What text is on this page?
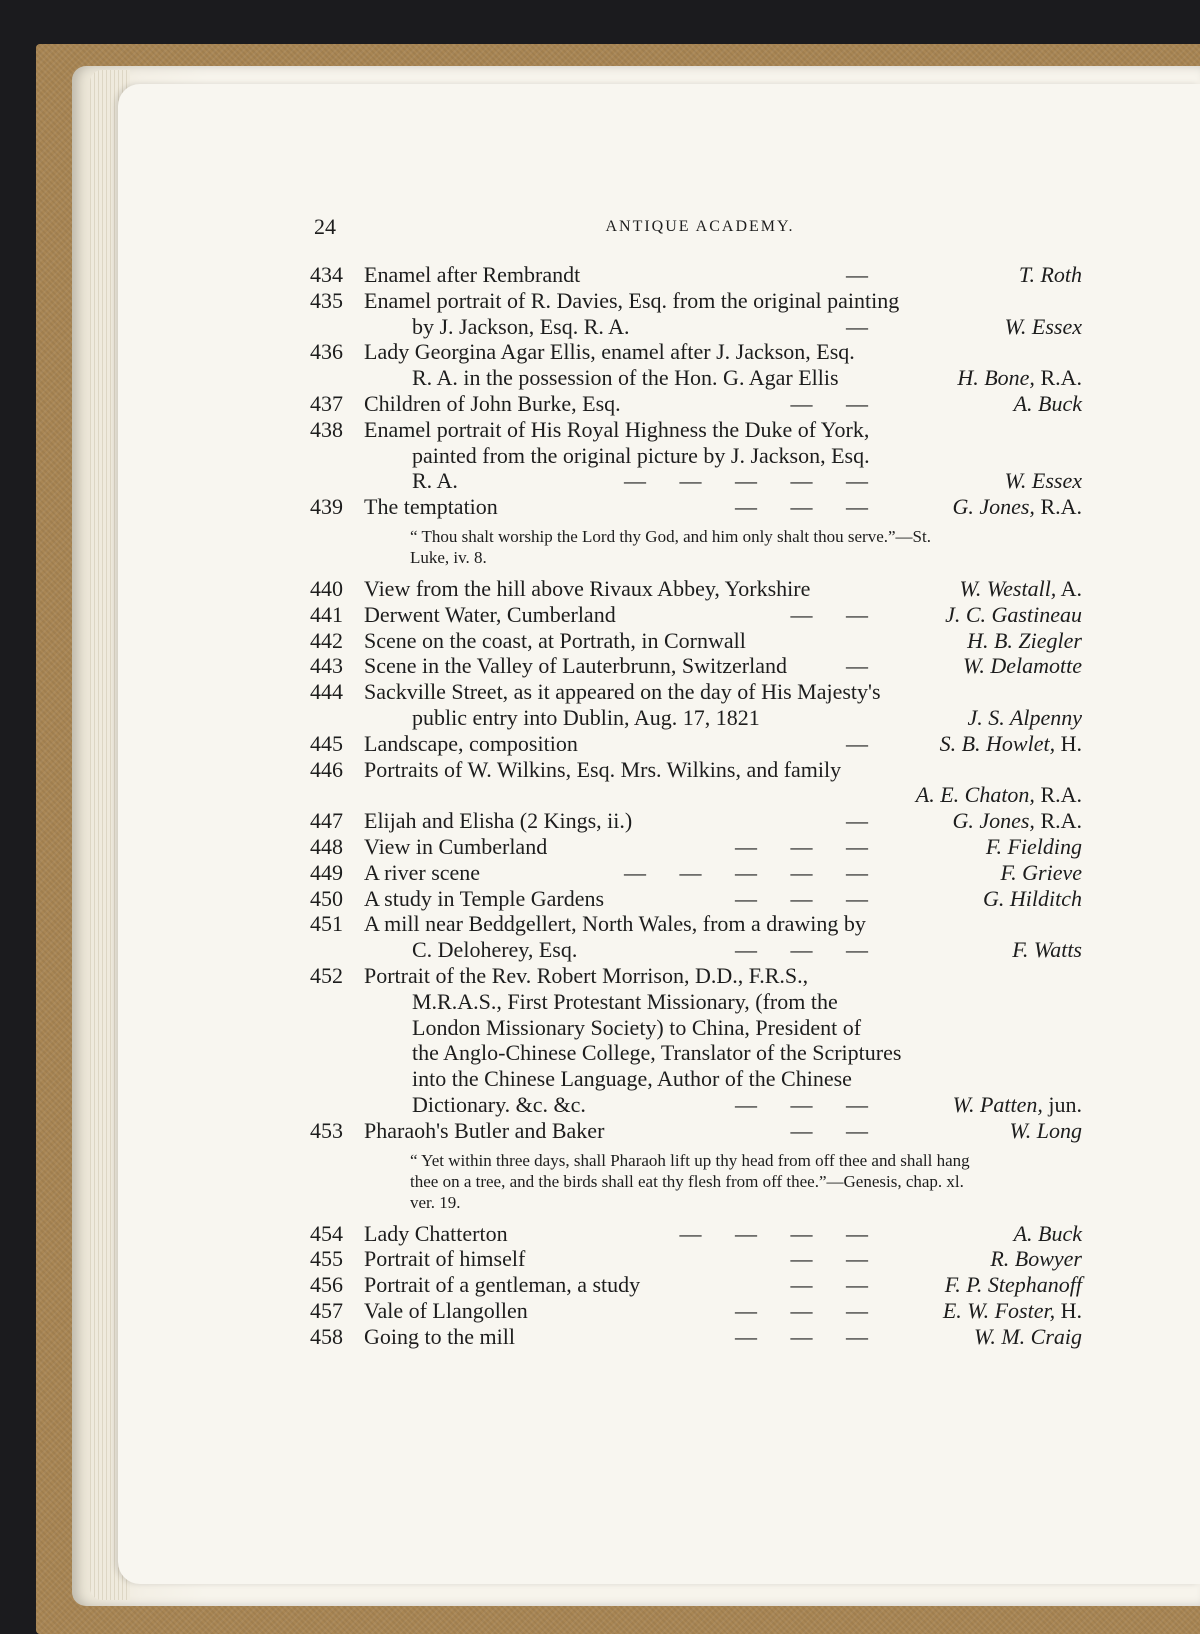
24	ANTIQUE ACADEMY.
434 Enamel after Rembrandt	—	T. Roth
435 Enamel portrait of R. Davies, Esq. from the original painting
by J. Jackson, Esq. R. A.	—	W. Essex
436 Lady Georgina Agar Ellis, enamel after J. Jackson, Esq.
R. A. in the possession of the Hon. G. Agar Ellis	H. Bone, R.A.
437 Children of John Burke, Esq.	— —	A. Buck
438 Enamel portrait of His Royal Highness the Duke of York,
painted from the original picture by J. Jackson, Esq.
R. A.	— — — — —	W. Essex
439 The temptation	— — —	G. Jones, R.A.
“ Thou shalt worship the Lord thy God, and him only shalt thou serve.”—St. Luke, iv. 8.
440 View from the hill above Rivaux Abbey, Yorkshire	W. Westall, A.
441 Derwent Water, Cumberland	— —	J. C. Gastineau
442 Scene on the coast, at Portrath, in Cornwall	H. B. Ziegler
443 Scene in the Valley of Lauterbrunn, Switzerland	—	W. Delamotte
444 Sackville Street, as it appeared on the day of His Majesty's
public entry into Dublin, Aug. 17, 1821	J. S. Alpenny
445 Landscape, composition	—	S. B. Howlet, H.
446 Portraits of W. Wilkins, Esq. Mrs. Wilkins, and family
A. E. Chaton, R.A.
447 Elijah and Elisha (2 Kings, ii.)	—	G. Jones, R.A.
448 View in Cumberland	— — —	F. Fielding
449 A river scene	— — — — —	F. Grieve
450 A study in Temple Gardens	— — —	G. Hilditch
451 A mill near Beddgellert, North Wales, from a drawing by
C. Deloherey, Esq.	— — —	F. Watts
452 Portrait of the Rev. Robert Morrison, D.D., F.R.S.,
M.R.A.S., First Protestant Missionary, (from the
London Missionary Society) to China, President of
the Anglo-Chinese College, Translator of the Scriptures
into the Chinese Language, Author of the Chinese
Dictionary. &c. &c.	— — —	W. Patten, jun.
453 Pharaoh's Butler and Baker	— —	W. Long
“ Yet within three days, shall Pharaoh lift up thy head from off thee and shall hang thee on a tree, and the birds shall eat thy flesh from off thee.”—Genesis, chap. xl. ver. 19.
454 Lady Chatterton	— — — —	A. Buck
455 Portrait of himself	— —	R. Bowyer
456 Portrait of a gentleman, a study	— —	F. P. Stephanoff
457 Vale of Llangollen	— — —	E. W. Foster, H.
458 Going to the mill	— — —	W. M. Craig
